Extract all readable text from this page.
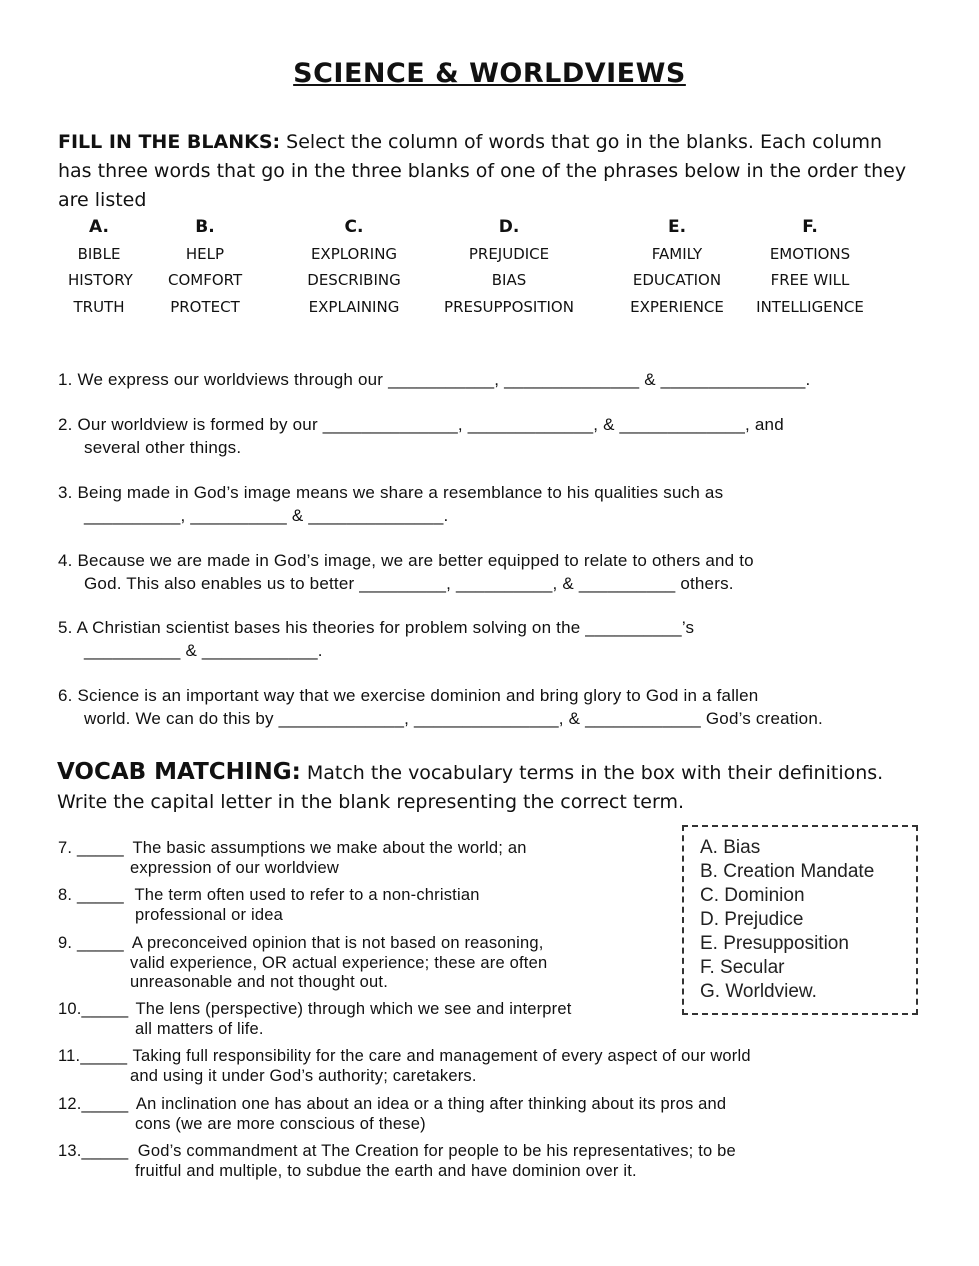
SCIENCE & WORLDVIEWS
FILL IN THE BLANKS: Select the column of words that go in the blanks. Each column has three words that go in the three blanks of one of the phrases below in the order they are listed
A.
BIBLE
HISTORY
TRUTH
B.
HELP
COMFORT
PROTECT
C.
EXPLORING
DESCRIBING
EXPLAINING
D.
PREJUDICE
BIAS
PRESUPPOSITION
E.
FAMILY
EDUCATION
EXPERIENCE
F.
EMOTIONS
FREE WILL
INTELLIGENCE
1. We express our worldviews through our ___________, ______________ & _______________.
2. Our worldview is formed by our ______________, _____________, & _____________, and
several other things.
3. Being made in God’s image means we share a resemblance to his qualities such as
__________, __________ & ______________.
4. Because we are made in God’s image, we are better equipped to relate to others and to
God. This also enables us to better _________, __________, & __________ others.
5. A Christian scientist bases his theories for problem solving on the __________’s
__________ & ____________.
6. Science is an important way that we exercise dominion and bring glory to God in a fallen
world. We can do this by _____________, _______________, & ____________ God’s creation.
VOCAB MATCHING: Match the vocabulary terms in the box with their definitions. Write the capital letter in the blank representing the correct term.
A. Bias
B. Creation Mandate
C. Dominion
D. Prejudice
E. Presupposition
F. Secular
G. Worldview.
7. _____ The basic assumptions we make about the world; an
expression of our worldview
8. _____ The term often used to refer to a non-christian
professional or idea
9. _____ A preconceived opinion that is not based on reasoning,
valid experience, OR actual experience; these are often
unreasonable and not thought out.
10._____ The lens (perspective) through which we see and interpret
all matters of life.
11._____ Taking full responsibility for the care and management of every aspect of our world
and using it under God’s authority; caretakers.
12._____ An inclination one has about an idea or a thing after thinking about its pros and
cons (we are more conscious of these)
13._____ God’s commandment at The Creation for people to be his representatives; to be
fruitful and multiple, to subdue the earth and have dominion over it.
